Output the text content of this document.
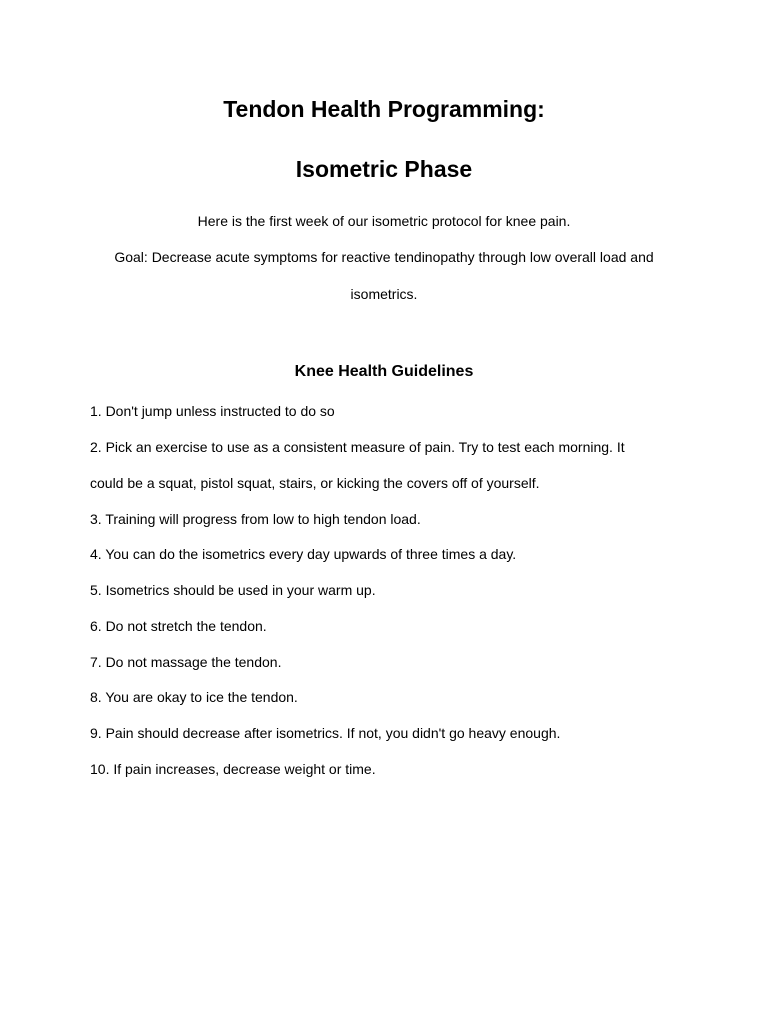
Tendon Health Programming:
Isometric Phase

Here is the first week of our isometric protocol for knee pain.

Goal: Decrease acute symptoms for reactive tendinopathy through low overall load and

isometrics.

Knee Health Guidelines

1. Don't jump unless instructed to do so

2. Pick an exercise to use as a consistent measure of pain. Try to test each morning. It

could be a squat, pistol squat, stairs, or kicking the covers off of yourself.

3. Training will progress from low to high tendon load.

4. You can do the isometrics every day upwards of three times a day.

5. Isometrics should be used in your warm up.

6. Do not stretch the tendon.

7. Do not massage the tendon.

8. You are okay to ice the tendon.

9. Pain should decrease after isometrics. If not, you didn't go heavy enough.

10. If pain increases, decrease weight or time.
